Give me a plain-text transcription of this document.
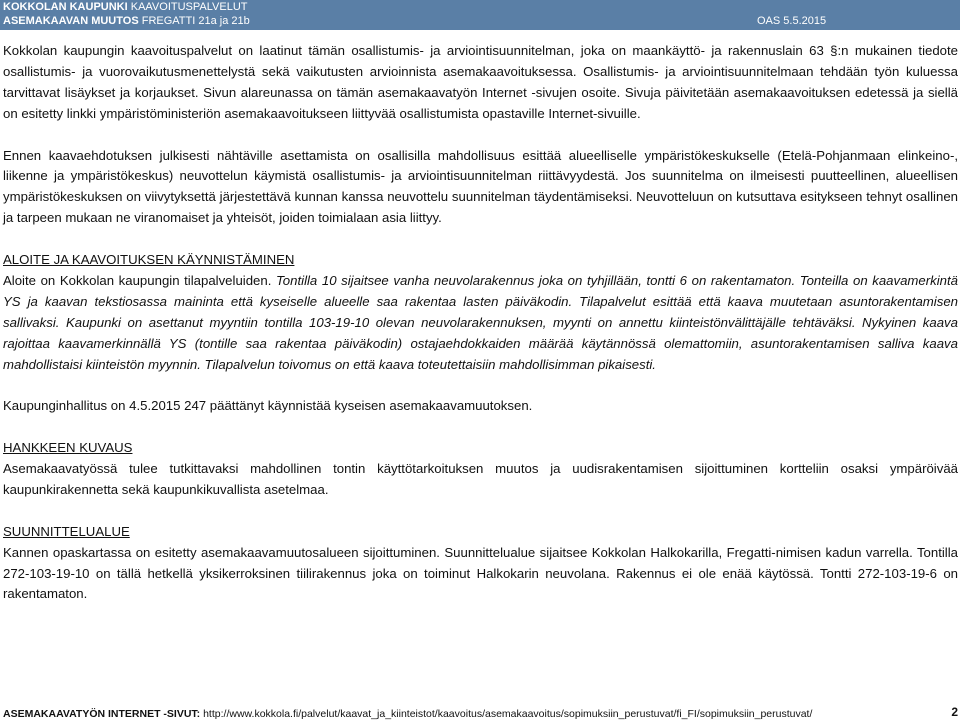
KOKKOLAN KAUPUNKI KAAVOITUSPALVELUT
ASEMAKAAVAN MUUTOS FREGATTI 21a ja 21b	OAS 5.5.2015

Kokkolan kaupungin kaavoituspalvelut on laatinut tämän osallistumis- ja arviointisuunnitelman, joka on maankäyttö- ja rakennuslain 63 §:n mukainen tiedote osallistumis- ja vuorovaikutusmenettelystä sekä vaikutusten arvioinnista asemakaavoituksessa. Osallistumis- ja arviointisuunnitelmaan tehdään työn kuluessa tarvittavat lisäykset ja korjaukset. Sivun alareunassa on tämän asemakaavatyön Internet -sivujen osoite. Sivuja päivitetään asemakaavoituksen edetessä ja siellä on esitetty linkki ympäristöministeriön asemakaavoitukseen liittyvää osallistumista opastaville Internet-sivuille.

Ennen kaavaehdotuksen julkisesti nähtäville asettamista on osallisilla mahdollisuus esittää alueelliselle ympäristökeskukselle (Etelä-Pohjanmaan elinkeino-, liikenne ja ympäristökeskus) neuvottelun käymistä osallistumis- ja arviointisuunnitelman riittävyydestä. Jos suunnitelma on ilmeisesti puutteellinen, alueellisen ympäristökeskuksen on viivytyksettä järjestettävä kunnan kanssa neuvottelu suunnitelman täydentämiseksi. Neuvotteluun on kutsuttava esitykseen tehnyt osallinen ja tarpeen mukaan ne viranomaiset ja yhteisöt, joiden toimialaan asia liittyy.

ALOITE JA KAAVOITUKSEN KÄYNNISTÄMINEN

Aloite on Kokkolan kaupungin tilapalveluiden. Tontilla 10 sijaitsee vanha neuvolarakennus joka on tyhjillään, tontti 6 on rakentamaton. Tonteilla on kaavamerkintä YS ja kaavan tekstiosassa maininta että kyseiselle alueelle saa rakentaa lasten päiväkodin. Tilapalvelut esittää että kaava muutetaan asuntorakentamisen sallivaksi. Kaupunki on asettanut myyntiin tontilla 103-19-10 olevan neuvolarakennuksen, myynti on annettu kiinteistönvälittäjälle tehtäväksi. Nykyinen kaava rajoittaa kaavamerkinnällä YS (tontille saa rakentaa päiväkodin) ostajaehdokkaiden määrää käytännössä olemattomiin, asuntorakentamisen salliva kaava mahdollistaisi kiinteistön myynnin. Tilapalvelun toivomus on että kaava toteutettaisiin mahdollisimman pikaisesti.

Kaupunginhallitus on 4.5.2015 247 päättänyt käynnistää kyseisen asemakaavamuutoksen.

HANKKEEN KUVAUS

Asemakaavatyössä tulee tutkittavaksi mahdollinen tontin käyttötarkoituksen muutos ja uudisrakentamisen sijoittuminen kortteliin osaksi ympäröivää kaupunkirakennetta sekä kaupunkikuvallista asetelmaa.

SUUNNITTELUALUE

Kannen opaskartassa on esitetty asemakaavamuutosalueen sijoittuminen. Suunnittelualue sijaitsee Kokkolan Halkokarilla, Fregatti-nimisen kadun varrella. Tontilla 272-103-19-10 on tällä hetkellä yksikerroksinen tiilirakennus joka on toiminut Halkokarin neuvolana. Rakennus ei ole enää käytössä. Tontti 272-103-19-6 on rakentamaton.

ASEMAKAAVATYÖN INTERNET -SIVUT: http://www.kokkola.fi/palvelut/kaavat_ja_kiinteistot/kaavoitus/asemakaavoitus/sopimuksiin_perustuvat/fi_FI/sopimuksiin_perustuvat/	2
